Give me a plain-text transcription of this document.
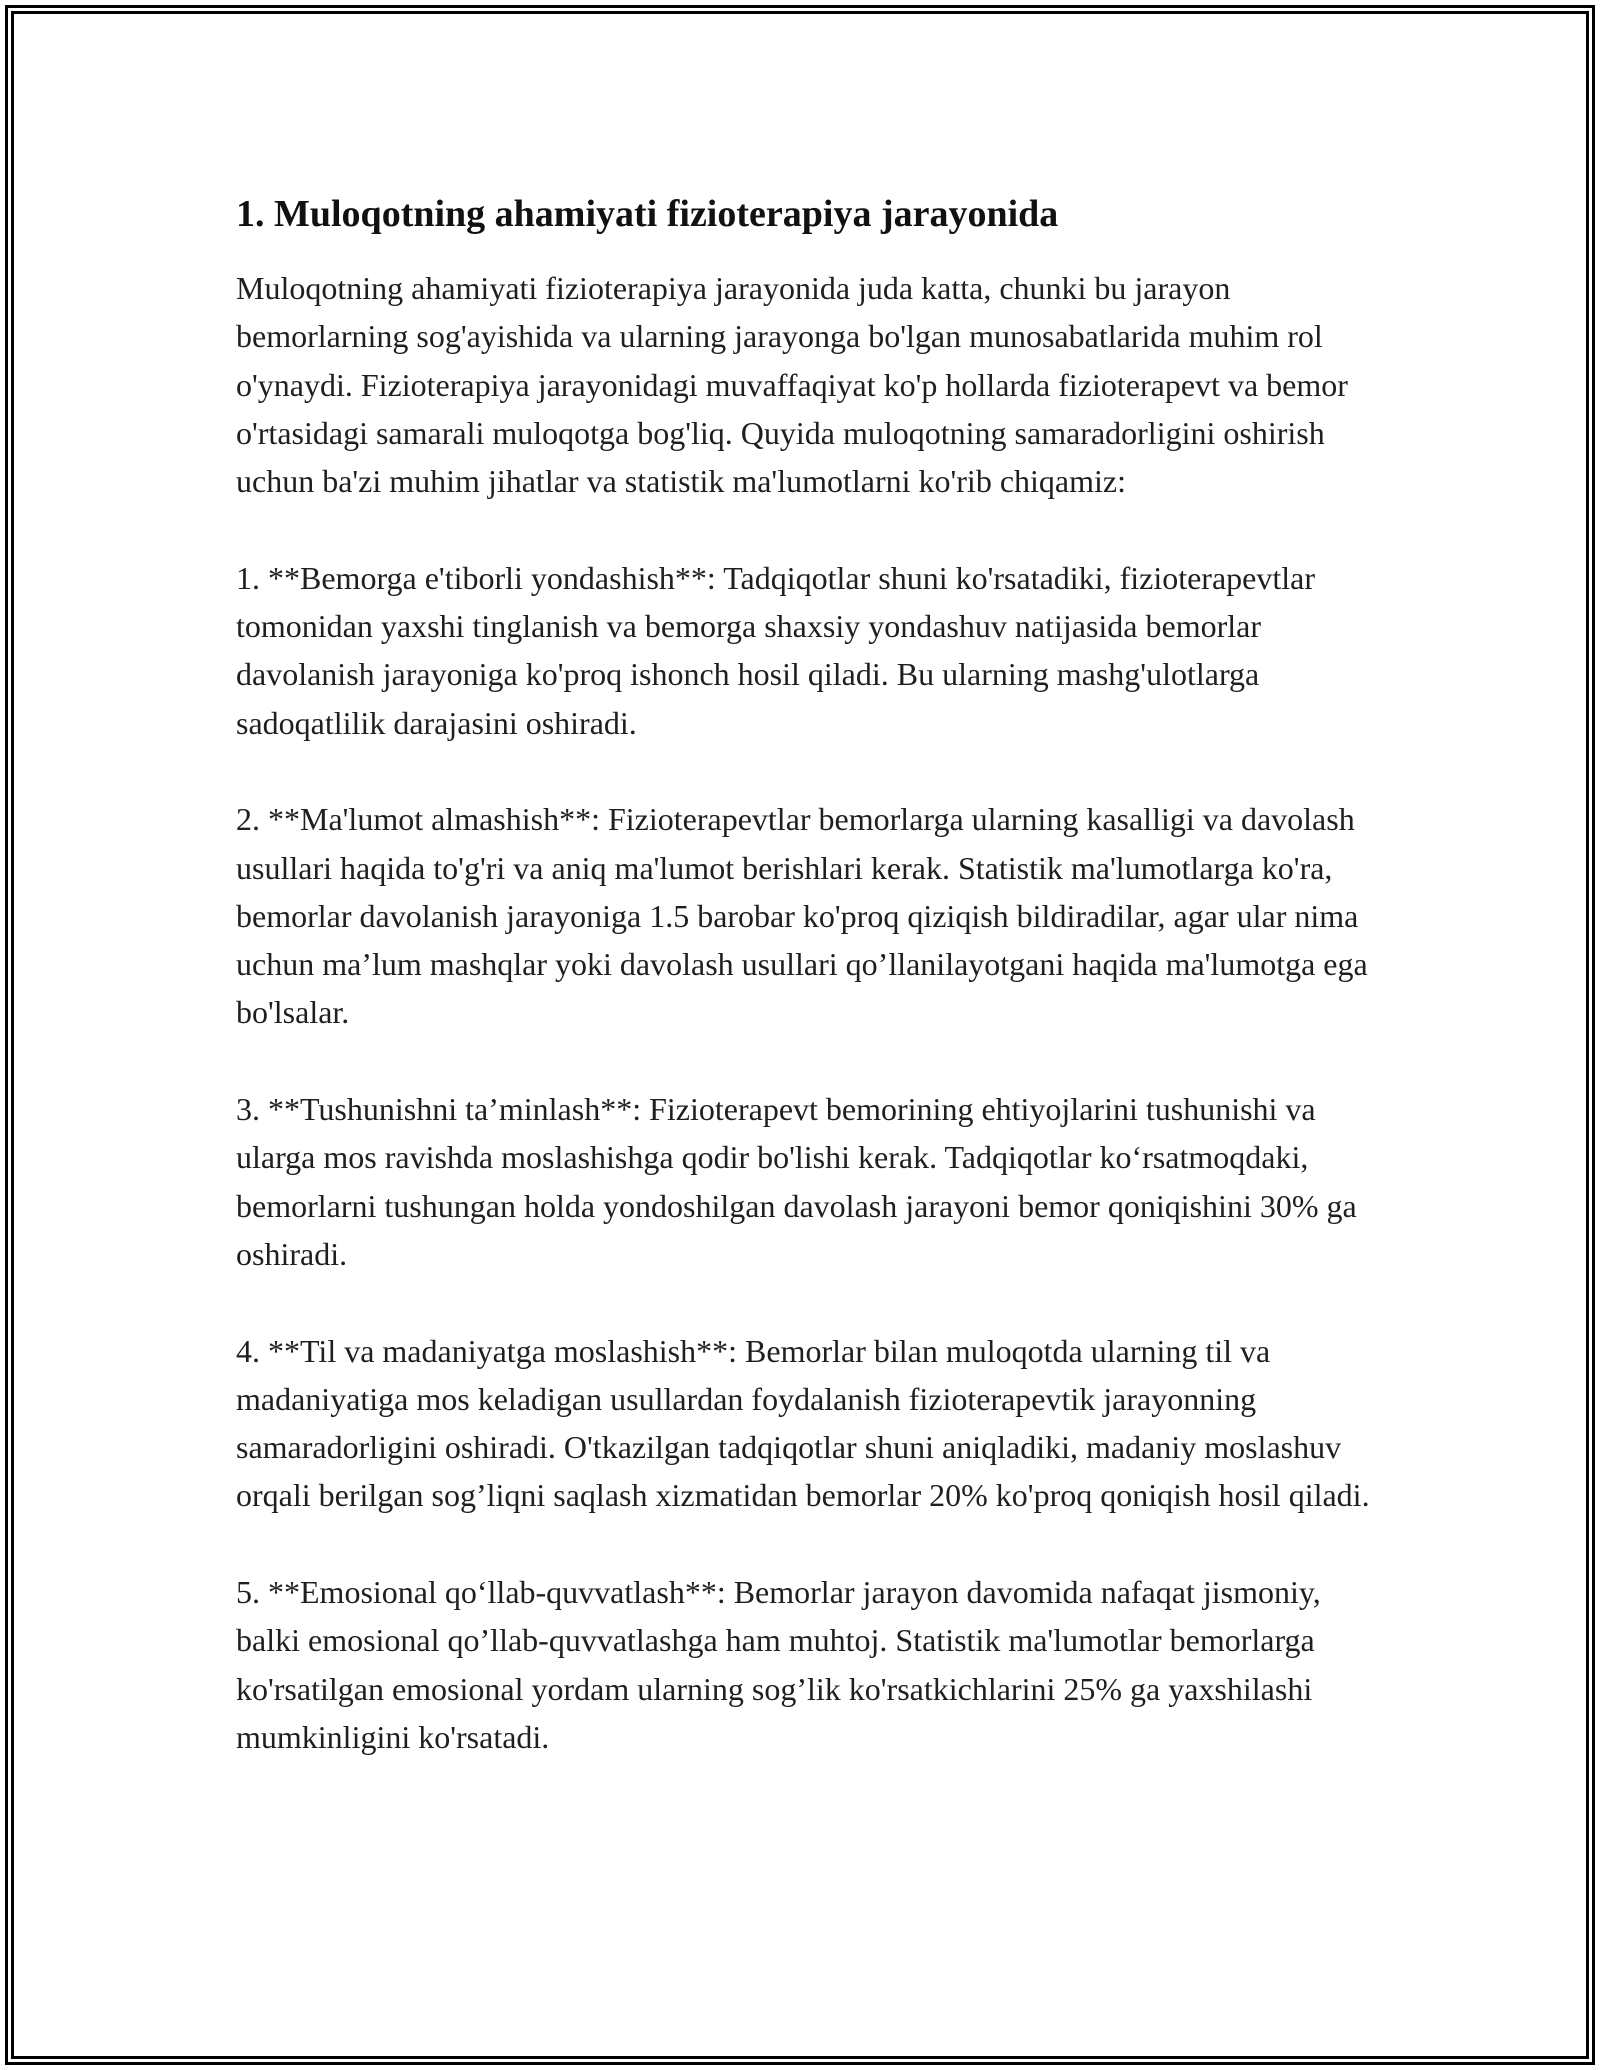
1. Muloqotning ahamiyati fizioterapiya jarayonida

Muloqotning ahamiyati fizioterapiya jarayonida juda katta, chunki bu jarayon bemorlarning sog'ayishida va ularning jarayonga bo'lgan munosabatlarida muhim rol o'ynaydi. Fizioterapiya jarayonidagi muvaffaqiyat ko'p hollarda fizioterapevt va bemor o'rtasidagi samarali muloqotga bog'liq. Quyida muloqotning samaradorligini oshirish uchun ba'zi muhim jihatlar va statistik ma'lumotlarni ko'rib chiqamiz:

1. **Bemorga e'tiborli yondashish**: Tadqiqotlar shuni ko'rsatadiki, fizioterapevtlar tomonidan yaxshi tinglanish va bemorga shaxsiy yondashuv natijasida bemorlar davolanish jarayoniga ko'proq ishonch hosil qiladi. Bu ularning mashg'ulotlarga sadoqatlilik darajasini oshiradi.

2. **Ma'lumot almashish**: Fizioterapevtlar bemorlarga ularning kasalligi va davolash usullari haqida to'g'ri va aniq ma'lumot berishlari kerak. Statistik ma'lumotlarga ko'ra, bemorlar davolanish jarayoniga 1.5 barobar ko'proq qiziqish bildiradilar, agar ular nima uchun ma’lum mashqlar yoki davolash usullari qo’llanilayotgani haqida ma'lumotga ega bo'lsalar.

3. **Tushunishni ta’minlash**: Fizioterapevt bemorining ehtiyojlarini tushunishi va ularga mos ravishda moslashishga qodir bo'lishi kerak. Tadqiqotlar ko‘rsatmoqdaki, bemorlarni tushungan holda yondoshilgan davolash jarayoni bemor qoniqishini 30% ga oshiradi.

4. **Til va madaniyatga moslashish**: Bemorlar bilan muloqotda ularning til va madaniyatiga mos keladigan usullardan foydalanish fizioterapevtik jarayonning samaradorligini oshiradi. O'tkazilgan tadqiqotlar shuni aniqladiki, madaniy moslashuv orqali berilgan sog’liqni saqlash xizmatidan bemorlar 20% ko'proq qoniqish hosil qiladi.

5. **Emosional qo‘llab-quvvatlash**: Bemorlar jarayon davomida nafaqat jismoniy, balki emosional qo’llab-quvvatlashga ham muhtoj. Statistik ma'lumotlar bemorlarga ko'rsatilgan emosional yordam ularning sog’lik ko'rsatkichlarini 25% ga yaxshilashi mumkinligini ko'rsatadi.
